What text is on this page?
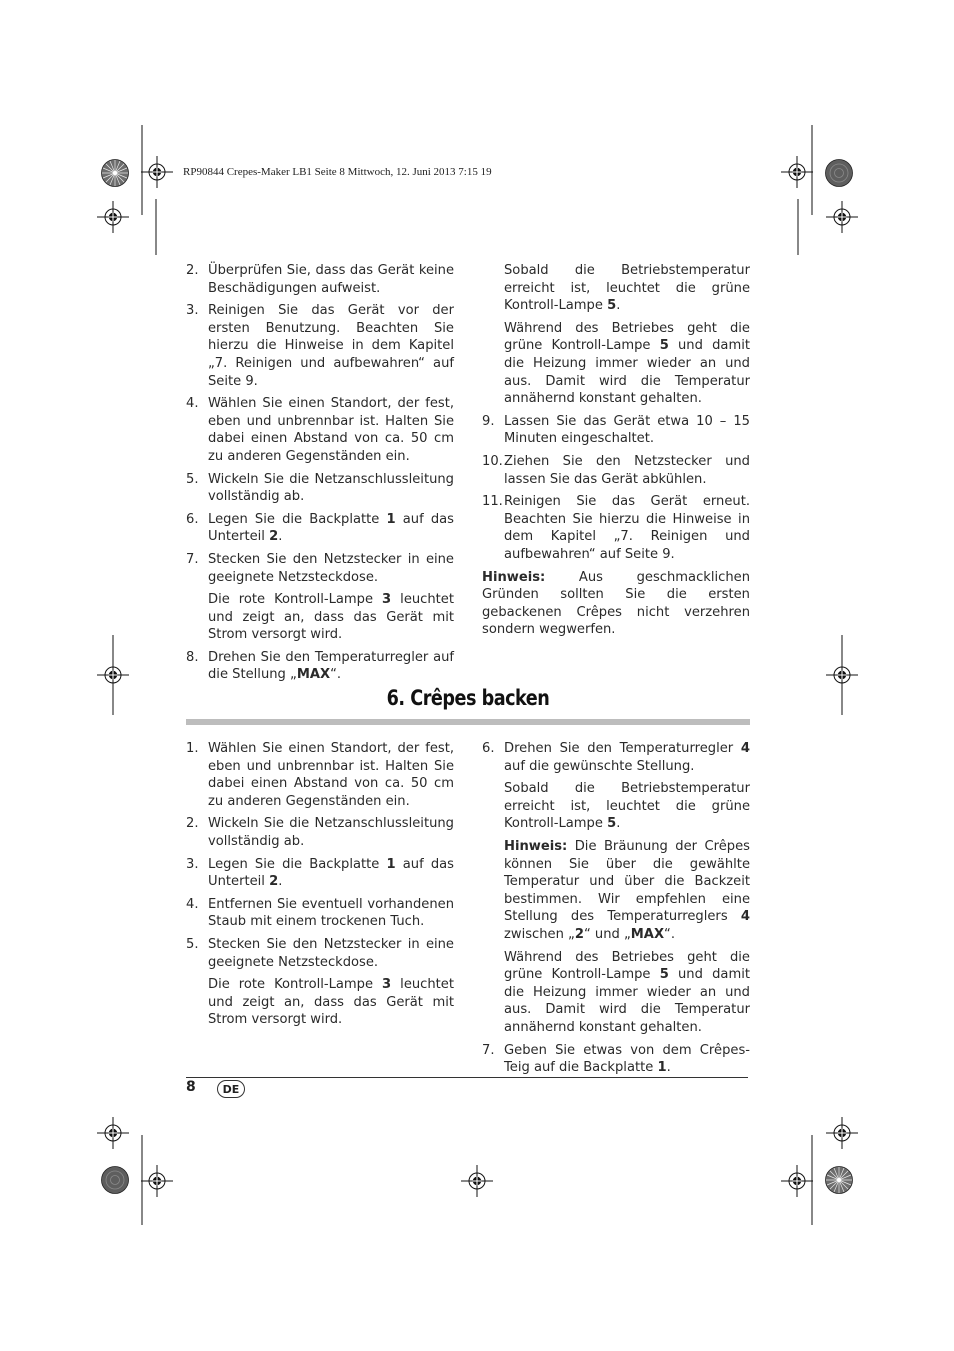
RP90844 Crepes-Maker LB1 Seite 8 Mittwoch, 12. Juni 2013 7:15 19
2. Überprüfen Sie, dass das Gerät keine Beschädigungen aufweist.
3. Reinigen Sie das Gerät vor der ersten Benutzung. Beachten Sie hierzu die Hinweise in dem Kapitel „7. Reinigen und aufbewahren“ auf Seite 9.
4. Wählen Sie einen Standort, der fest, eben und unbrennbar ist. Halten Sie dabei einen Abstand von ca. 50 cm zu anderen Gegenständen ein.
5. Wickeln Sie die Netzanschlussleitung vollständig ab.
6. Legen Sie die Backplatte 1 auf das Unterteil 2.
7. Stecken Sie den Netzstecker in eine geeignete Netzsteckdose.
Die rote Kontroll-Lampe 3 leuchtet und zeigt an, dass das Gerät mit Strom versorgt wird.
8. Drehen Sie den Temperaturregler auf die Stellung „MAX“.
Sobald die Betriebstemperatur erreicht ist, leuchtet die grüne Kontroll-Lampe 5.
Während des Betriebes geht die grüne Kontroll-Lampe 5 und damit die Heizung immer wieder an und aus. Damit wird die Temperatur annähernd konstant gehalten.
9. Lassen Sie das Gerät etwa 10 – 15 Minuten eingeschaltet.
10. Ziehen Sie den Netzstecker und lassen Sie das Gerät abkühlen.
11. Reinigen Sie das Gerät erneut. Beachten Sie hierzu die Hinweise in dem Kapitel „7. Reinigen und aufbewahren“ auf Seite 9.

Hinweis: Aus geschmacklichen Gründen sollten Sie die ersten gebackenen Crêpes nicht verzehren sondern wegwerfen.

6. Crêpes backen
1. Wählen Sie einen Standort, der fest, eben und unbrennbar ist. Halten Sie dabei einen Abstand von ca. 50 cm zu anderen Gegenständen ein.
2. Wickeln Sie die Netzanschlussleitung vollständig ab.
3. Legen Sie die Backplatte 1 auf das Unterteil 2.
4. Entfernen Sie eventuell vorhandenen Staub mit einem trockenen Tuch.
5. Stecken Sie den Netzstecker in eine geeignete Netzsteckdose.
Die rote Kontroll-Lampe 3 leuchtet und zeigt an, dass das Gerät mit Strom versorgt wird.
6. Drehen Sie den Temperaturregler 4 auf die gewünschte Stellung.
Sobald die Betriebstemperatur erreicht ist, leuchtet die grüne Kontroll-Lampe 5.
Hinweis: Die Bräunung der Crêpes können Sie über die gewählte Temperatur und über die Backzeit bestimmen. Wir empfehlen eine Stellung des Temperaturreglers 4 zwischen „2“ und „MAX“.
Während des Betriebes geht die grüne Kontroll-Lampe 5 und damit die Heizung immer wieder an und aus. Damit wird die Temperatur annähernd konstant gehalten.
7. Geben Sie etwas von dem Crêpes-Teig auf die Backplatte 1.
8	DE
